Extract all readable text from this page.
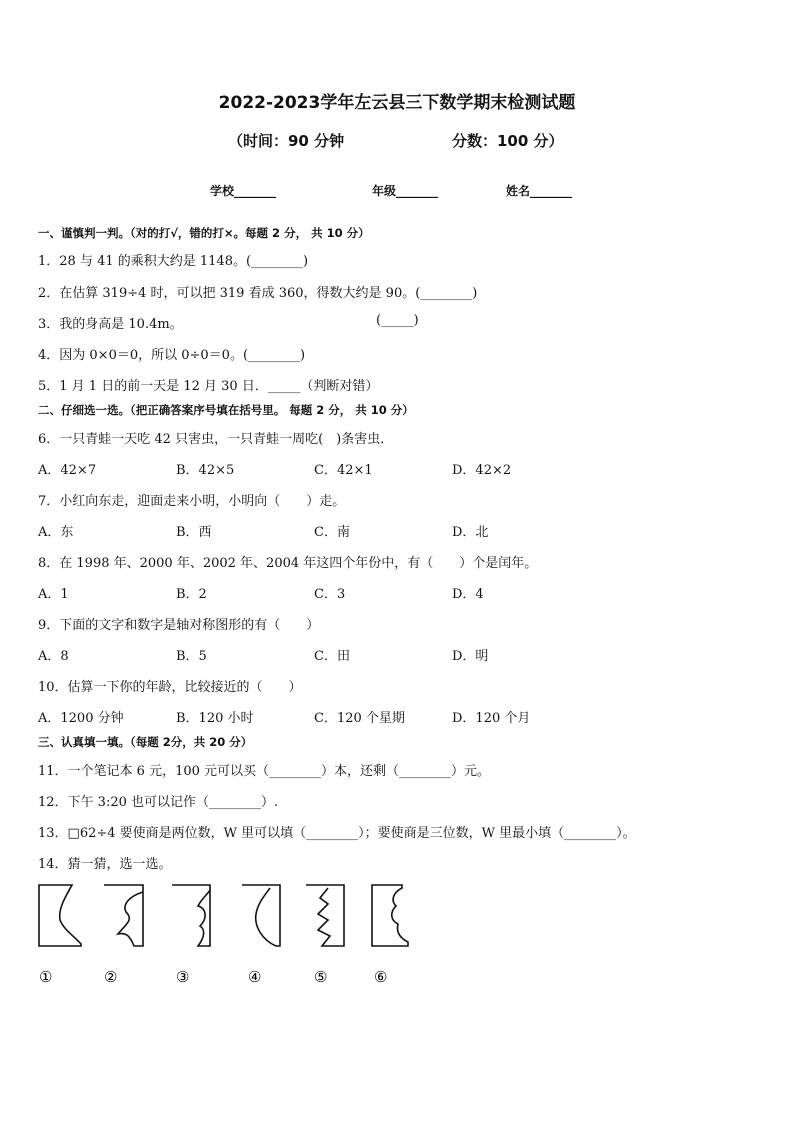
2022-2023学年左云县三下数学期末检测试题
（时间：90 分钟	分数：100 分）
学校_______	年级_______	姓名_______
一、谨慎判一判。（对的打√，错的打×。每题 2 分， 共 10 分）
1．28 与 41 的乘积大约是 1148。(________)
2．在估算 319÷4 时，可以把 319 看成 360，得数大约是 90。(________)
3．我的身高是 10.4m。	(_____)
4．因为 0×0＝0，所以 0÷0＝0。(________)
5．1 月 1 日的前一天是 12 月 30 日．_____（判断对错）
二、仔细选一选。（把正确答案序号填在括号里。 每题 2 分， 共 10 分）
6．一只青蛙一天吃 42 只害虫，一只青蛙一周吃(　)条害虫．
A．42×7	B．42×5	C．42×1	D．42×2
7．小红向东走，迎面走来小明，小明向（　　）走。
A．东	B．西	C．南	D．北
8．在 1998 年、2000 年、2002 年、2004 年这四个年份中，有（　　）个是闰年。
A．1	B．2	C．3	D．4
9．下面的文字和数字是轴对称图形的有（　　）
A．8	B．5	C．田	D．明
10．估算一下你的年龄，比较接近的（　　）
A．1200 分钟	B．120 小时	C．120 个星期	D．120 个月
三、认真填一填。（每题 2分，共 20 分）
11．一个笔记本 6 元，100 元可以买（________）本，还剩（________）元。
12．下午 3:20 也可以记作（________）.
13．□62÷4 要使商是两位数，W 里可以填（________）；要使商是三位数，W 里最小填（________）。
14．猜一猜，选一选。
①	②	③	④	⑤	⑥
